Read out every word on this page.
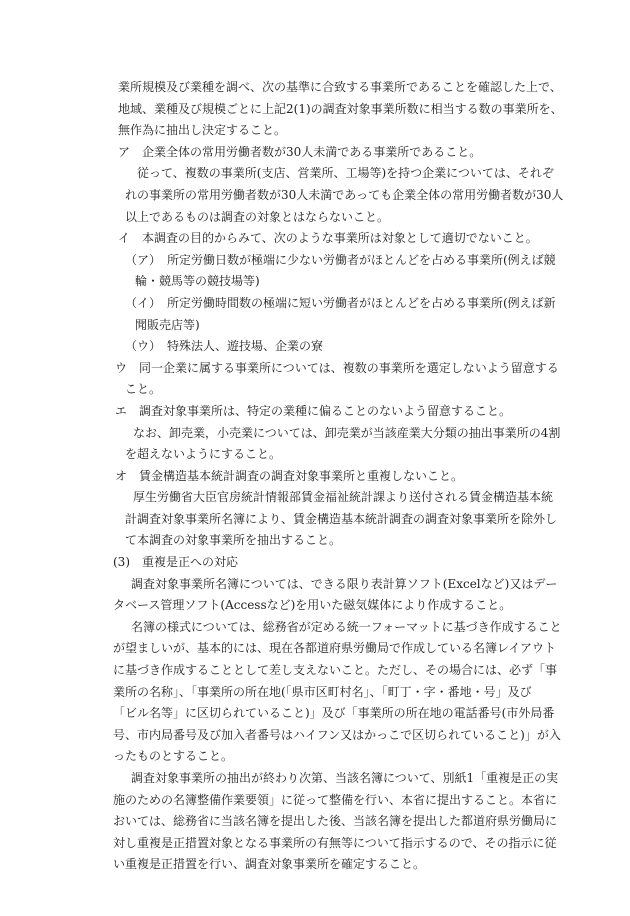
業所規模及び業種を調べ、次の基準に合致する事業所であることを確認した上で、
地域、業種及び規模ごとに上記2(1)の調査対象事業所数に相当する数の事業所を、
無作為に抽出し決定すること。
ア　企業全体の常用労働者数が30人未満である事業所であること。
従って、複数の事業所(支店、営業所、工場等)を持つ企業については、それぞ
れの事業所の常用労働者数が30人未満であっても企業全体の常用労働者数が30人
以上であるものは調査の対象とはならないこと。
イ　本調査の目的からみて、次のような事業所は対象として適切でないこと。
（ア）　所定労働日数が極端に少ない労働者がほとんどを占める事業所(例えば競
輪・競馬等の競技場等)
（イ）　所定労働時間数の極端に短い労働者がほとんどを占める事業所(例えば新
聞販売店等)
（ウ）　特殊法人、遊技場、企業の寮
ウ　同一企業に属する事業所については、複数の事業所を選定しないよう留意する
こと。
エ　調査対象事業所は、特定の業種に偏ることのないよう留意すること。
なお、卸売業，小売業については、卸売業が当該産業大分類の抽出事業所の4割
を超えないようにすること。
オ　賃金構造基本統計調査の調査対象事業所と重複しないこと。
厚生労働省大臣官房統計情報部賃金福祉統計課より送付される賃金構造基本統
計調査対象事業所名簿により、賃金構造基本統計調査の調査対象事業所を除外し
て本調査の対象事業所を抽出すること。
(3)　重複是正への対応
調査対象事業所名簿については、できる限り表計算ソフト(Excelなど)又はデー
タベース管理ソフト(Accessなど)を用いた磁気媒体により作成すること。
名簿の様式については、総務省が定める統一フォーマットに基づき作成すること
が望ましいが、基本的には、現在各都道府県労働局で作成している名簿レイアウト
に基づき作成することとして差し支えないこと。ただし、その場合には、必ず「事
業所の名称」、「事業所の所在地(「県市区町村名」、「町丁・字・番地・号」及び
「ビル名等」に区切られていること)」及び「事業所の所在地の電話番号(市外局番
号、市内局番号及び加入者番号はハイフン又はかっこで区切られていること)」が入
ったものとすること。
調査対象事業所の抽出が終わり次第、当該名簿について、別紙1「重複是正の実
施のための名簿整備作業要領」に従って整備を行い、本省に提出すること。本省に
おいては、総務省に当該名簿を提出した後、当該名簿を提出した都道府県労働局に
対し重複是正措置対象となる事業所の有無等について指示するので、その指示に従
い重複是正措置を行い、調査対象事業所を確定すること。
